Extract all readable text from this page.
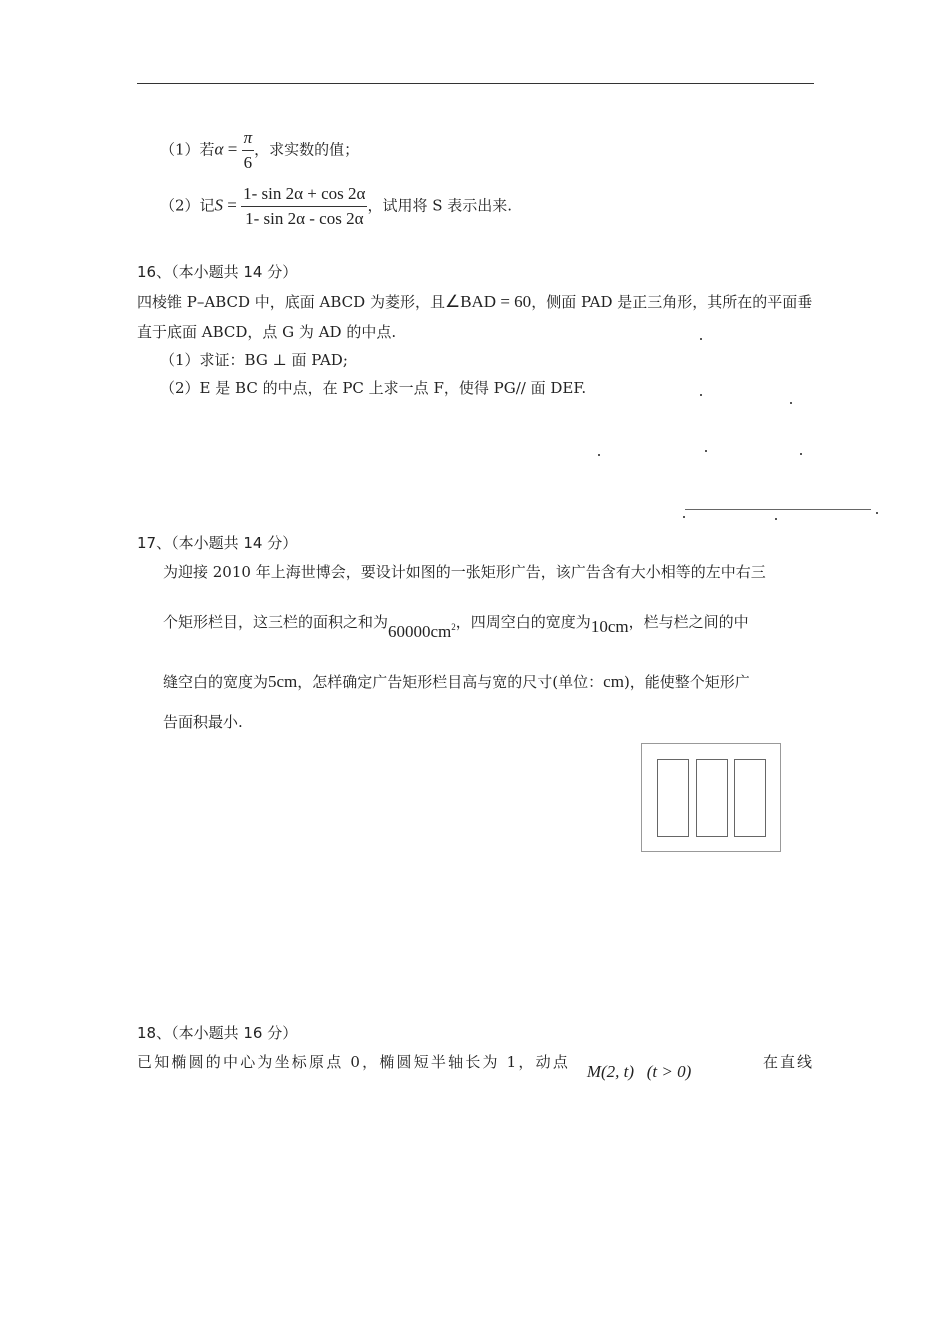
（1）若$\alpha = \frac{\pi}{6}$ ，求实数的值；
（2）记$S = \frac{1- \sin 2\alpha + \cos 2\alpha}{1- \sin 2\alpha - \cos 2\alpha}$ ，试用将 S 表示出来.
16、（本小题共 14 分）
四棱锥 P–ABCD 中，底面 ABCD 为菱形，且∠BAD = 60，侧面 PAD 是正三角形，其所在的平面垂
直于底面 ABCD，点 G 为 AD 的中点.
（1）求证：BG ⊥ 面 PAD;
（2）E 是 BC 的中点，在 PC 上求一点 F，使得 PG// 面 DEF.
17、（本小题共 14 分）
为迎接 2010 年上海世博会，要设计如图的一张矩形广告，该广告含有大小相等的左中右三
个矩形栏目，这三栏的面积之和为$60000cm^2$，四周空白的宽度为10cm，栏与栏之间的中
缝空白的宽度为5cm，怎样确定广告矩形栏目高与宽的尺寸(单位：cm)，能使整个矩形广
告面积最小.
18、（本小题共 16 分）
已知椭圆的中心为坐标原点 0，椭圆短半轴长为 1，动点 M(2, t)   (t > 0)	在直线
